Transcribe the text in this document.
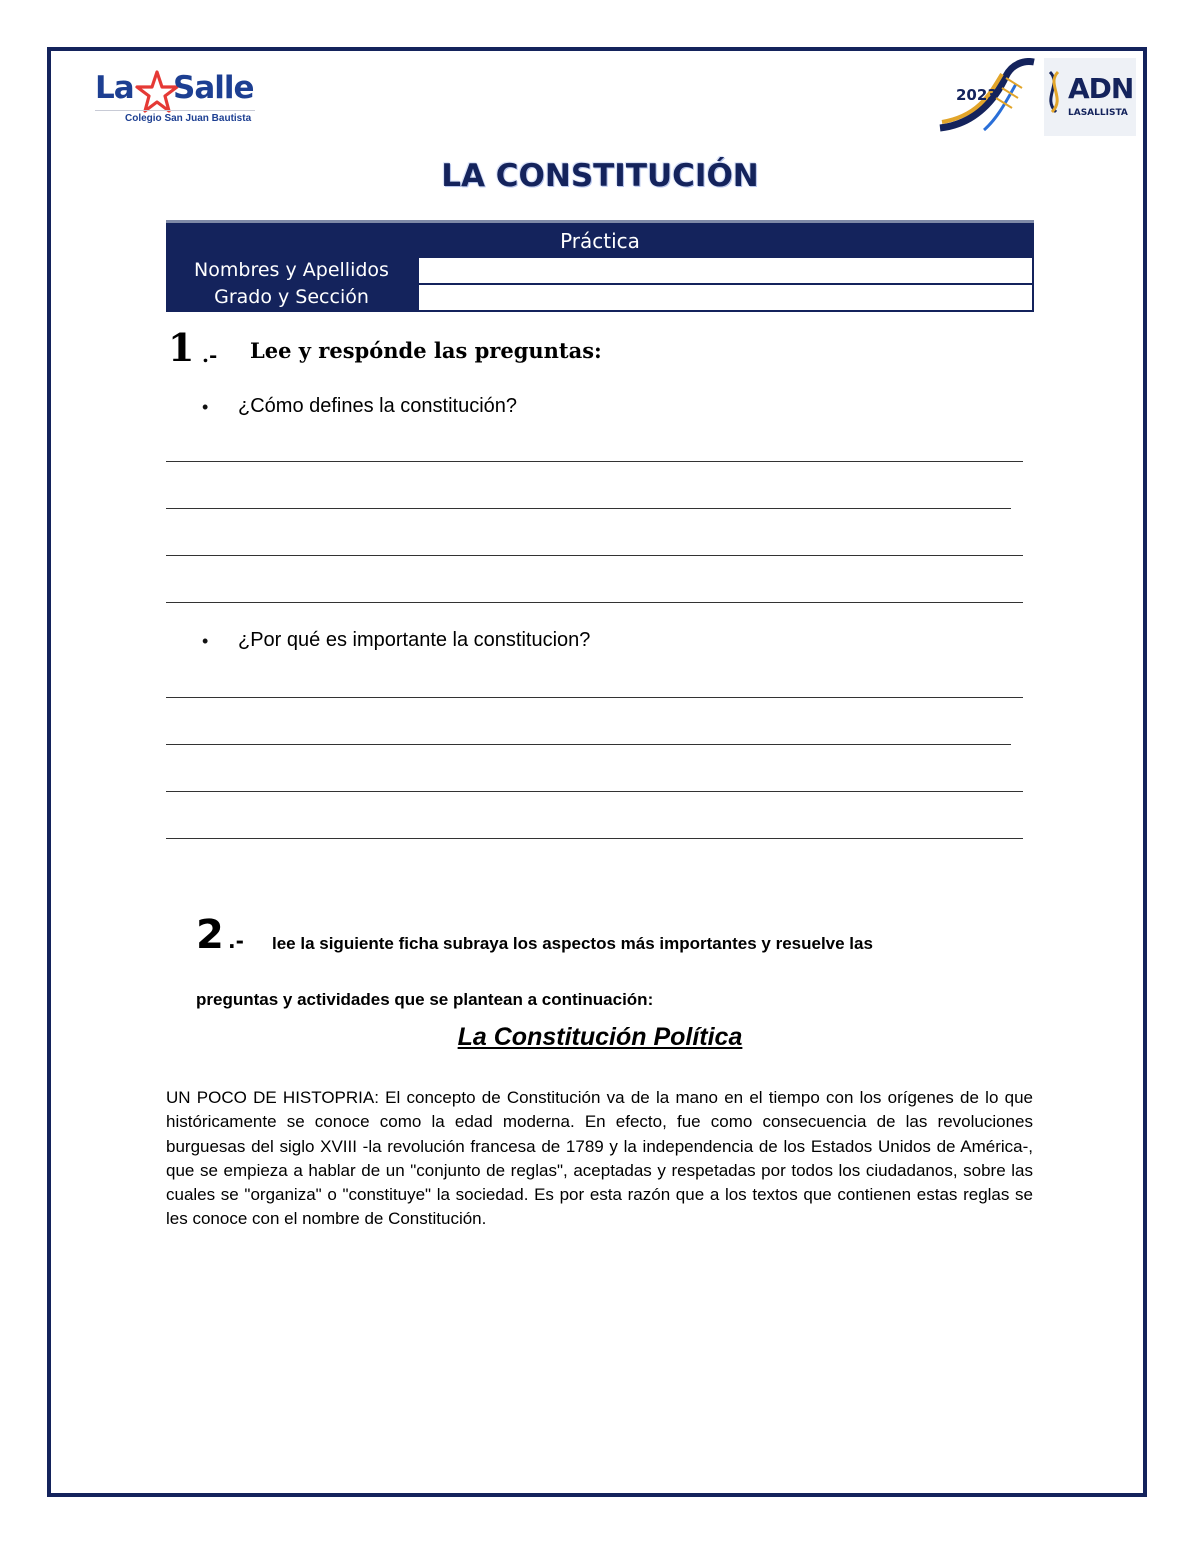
La Salle
Colegio San Juan Bautista
2023	ADN
LASALLISTA
LA CONSTITUCIÓN
Práctica
Nombres y Apellidos
Grado y Sección
1 .- Lee y respónde las preguntas:
• ¿Cómo defines la constitución?
• ¿Por qué es importante la constitucion?
2 .- lee la siguiente ficha subraya los aspectos más importantes y resuelve las
preguntas y actividades que se plantean a continuación:
La Constitución Política
UN POCO DE HISTOPRIA: El concepto de Constitución va de la mano en el tiempo con los orígenes de lo que históricamente se conoce como la edad moderna. En efecto, fue como consecuencia de las revoluciones burguesas del siglo XVIII -la revolución francesa de 1789 y la independencia de los Estados Unidos de América-, que se empieza a hablar de un "conjunto de reglas", aceptadas y respetadas por todos los ciudadanos, sobre las cuales se "organiza" o "constituye" la sociedad. Es por esta razón que a los textos que contienen estas reglas se les conoce con el nombre de Constitución.
